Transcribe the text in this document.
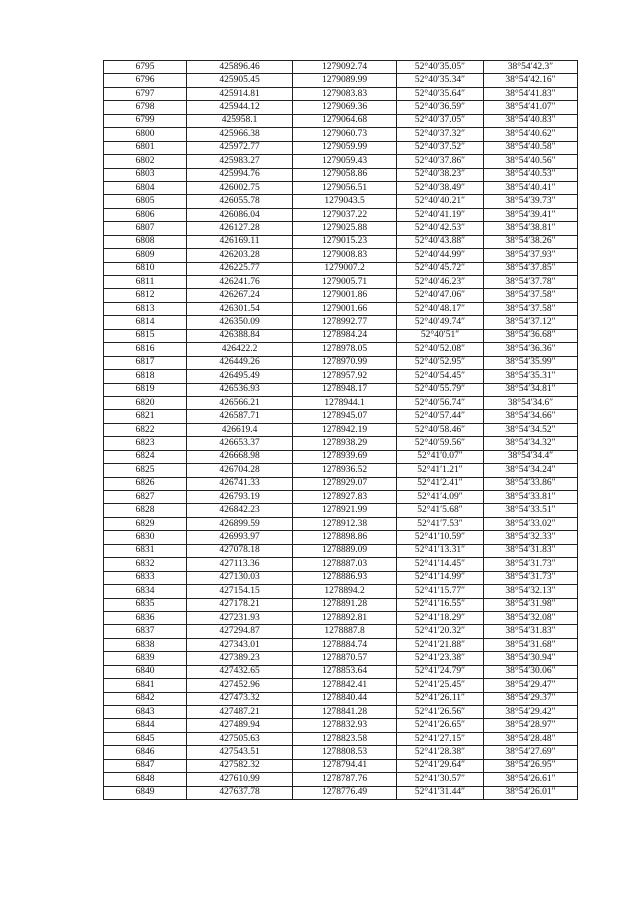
6795	425896.46	1279092.74	52°40′35.05″	38°54′42.3″
6796	425905.45	1279089.99	52°40′35.34″	38°54′42.16″
6797	425914.81	1279083.83	52°40′35.64″	38°54′41.83″
6798	425944.12	1279069.36	52°40′36.59″	38°54′41.07″
6799	425958.1	1279064.68	52°40′37.05″	38°54′40.83″
6800	425966.38	1279060.73	52°40′37.32″	38°54′40.62″
6801	425972.77	1279059.99	52°40′37.52″	38°54′40.58″
6802	425983.27	1279059.43	52°40′37.86″	38°54′40.56″
6803	425994.76	1279058.86	52°40′38.23″	38°54′40.53″
6804	426002.75	1279056.51	52°40′38.49″	38°54′40.41″
6805	426055.78	1279043.5	52°40′40.21″	38°54′39.73″
6806	426086.04	1279037.22	52°40′41.19″	38°54′39.41″
6807	426127.28	1279025.88	52°40′42.53″	38°54′38.81″
6808	426169.11	1279015.23	52°40′43.88″	38°54′38.26″
6809	426203.28	1279008.83	52°40′44.99″	38°54′37.93″
6810	426225.77	1279007.2	52°40′45.72″	38°54′37.85″
6811	426241.76	1279005.71	52°40′46.23″	38°54′37.78″
6812	426267.24	1279001.86	52°40′47.06″	38°54′37.58″
6813	426301.54	1279001.66	52°40′48.17″	38°54′37.58″
6814	426350.09	1278992.77	52°40′49.74″	38°54′37.12″
6815	426388.84	1278984.24	52°40′51″	38°54′36.68″
6816	426422.2	1278978.05	52°40′52.08″	38°54′36.36″
6817	426449.26	1278970.99	52°40′52.95″	38°54′35.99″
6818	426495.49	1278957.92	52°40′54.45″	38°54′35.31″
6819	426536.93	1278948.17	52°40′55.79″	38°54′34.81″
6820	426566.21	1278944.1	52°40′56.74″	38°54′34.6″
6821	426587.71	1278945.07	52°40′57.44″	38°54′34.66″
6822	426619.4	1278942.19	52°40′58.46″	38°54′34.52″
6823	426653.37	1278938.29	52°40′59.56″	38°54′34.32″
6824	426668.98	1278939.69	52°41′0.07″	38°54′34.4″
6825	426704.28	1278936.52	52°41′1.21″	38°54′34.24″
6826	426741.33	1278929.07	52°41′2.41″	38°54′33.86″
6827	426793.19	1278927.83	52°41′4.09″	38°54′33.81″
6828	426842.23	1278921.99	52°41′5.68″	38°54′33.51″
6829	426899.59	1278912.38	52°41′7.53″	38°54′33.02″
6830	426993.97	1278898.86	52°41′10.59″	38°54′32.33″
6831	427078.18	1278889.09	52°41′13.31″	38°54′31.83″
6832	427113.36	1278887.03	52°41′14.45″	38°54′31.73″
6833	427130.03	1278886.93	52°41′14.99″	38°54′31.73″
6834	427154.15	1278894.2	52°41′15.77″	38°54′32.13″
6835	427178.21	1278891.28	52°41′16.55″	38°54′31.98″
6836	427231.93	1278892.81	52°41′18.29″	38°54′32.08″
6837	427294.87	1278887.8	52°41′20.32″	38°54′31.83″
6838	427343.01	1278884.74	52°41′21.88″	38°54′31.68″
6839	427389.23	1278870.57	52°41′23.38″	38°54′30.94″
6840	427432.65	1278853.64	52°41′24.79″	38°54′30.06″
6841	427452.96	1278842.41	52°41′25.45″	38°54′29.47″
6842	427473.32	1278840.44	52°41′26.11″	38°54′29.37″
6843	427487.21	1278841.28	52°41′26.56″	38°54′29.42″
6844	427489.94	1278832.93	52°41′26.65″	38°54′28.97″
6845	427505.63	1278823.58	52°41′27.15″	38°54′28.48″
6846	427543.51	1278808.53	52°41′28.38″	38°54′27.69″
6847	427582.32	1278794.41	52°41′29.64″	38°54′26.95″
6848	427610.99	1278787.76	52°41′30.57″	38°54′26.61″
6849	427637.78	1278776.49	52°41′31.44″	38°54′26.01″
